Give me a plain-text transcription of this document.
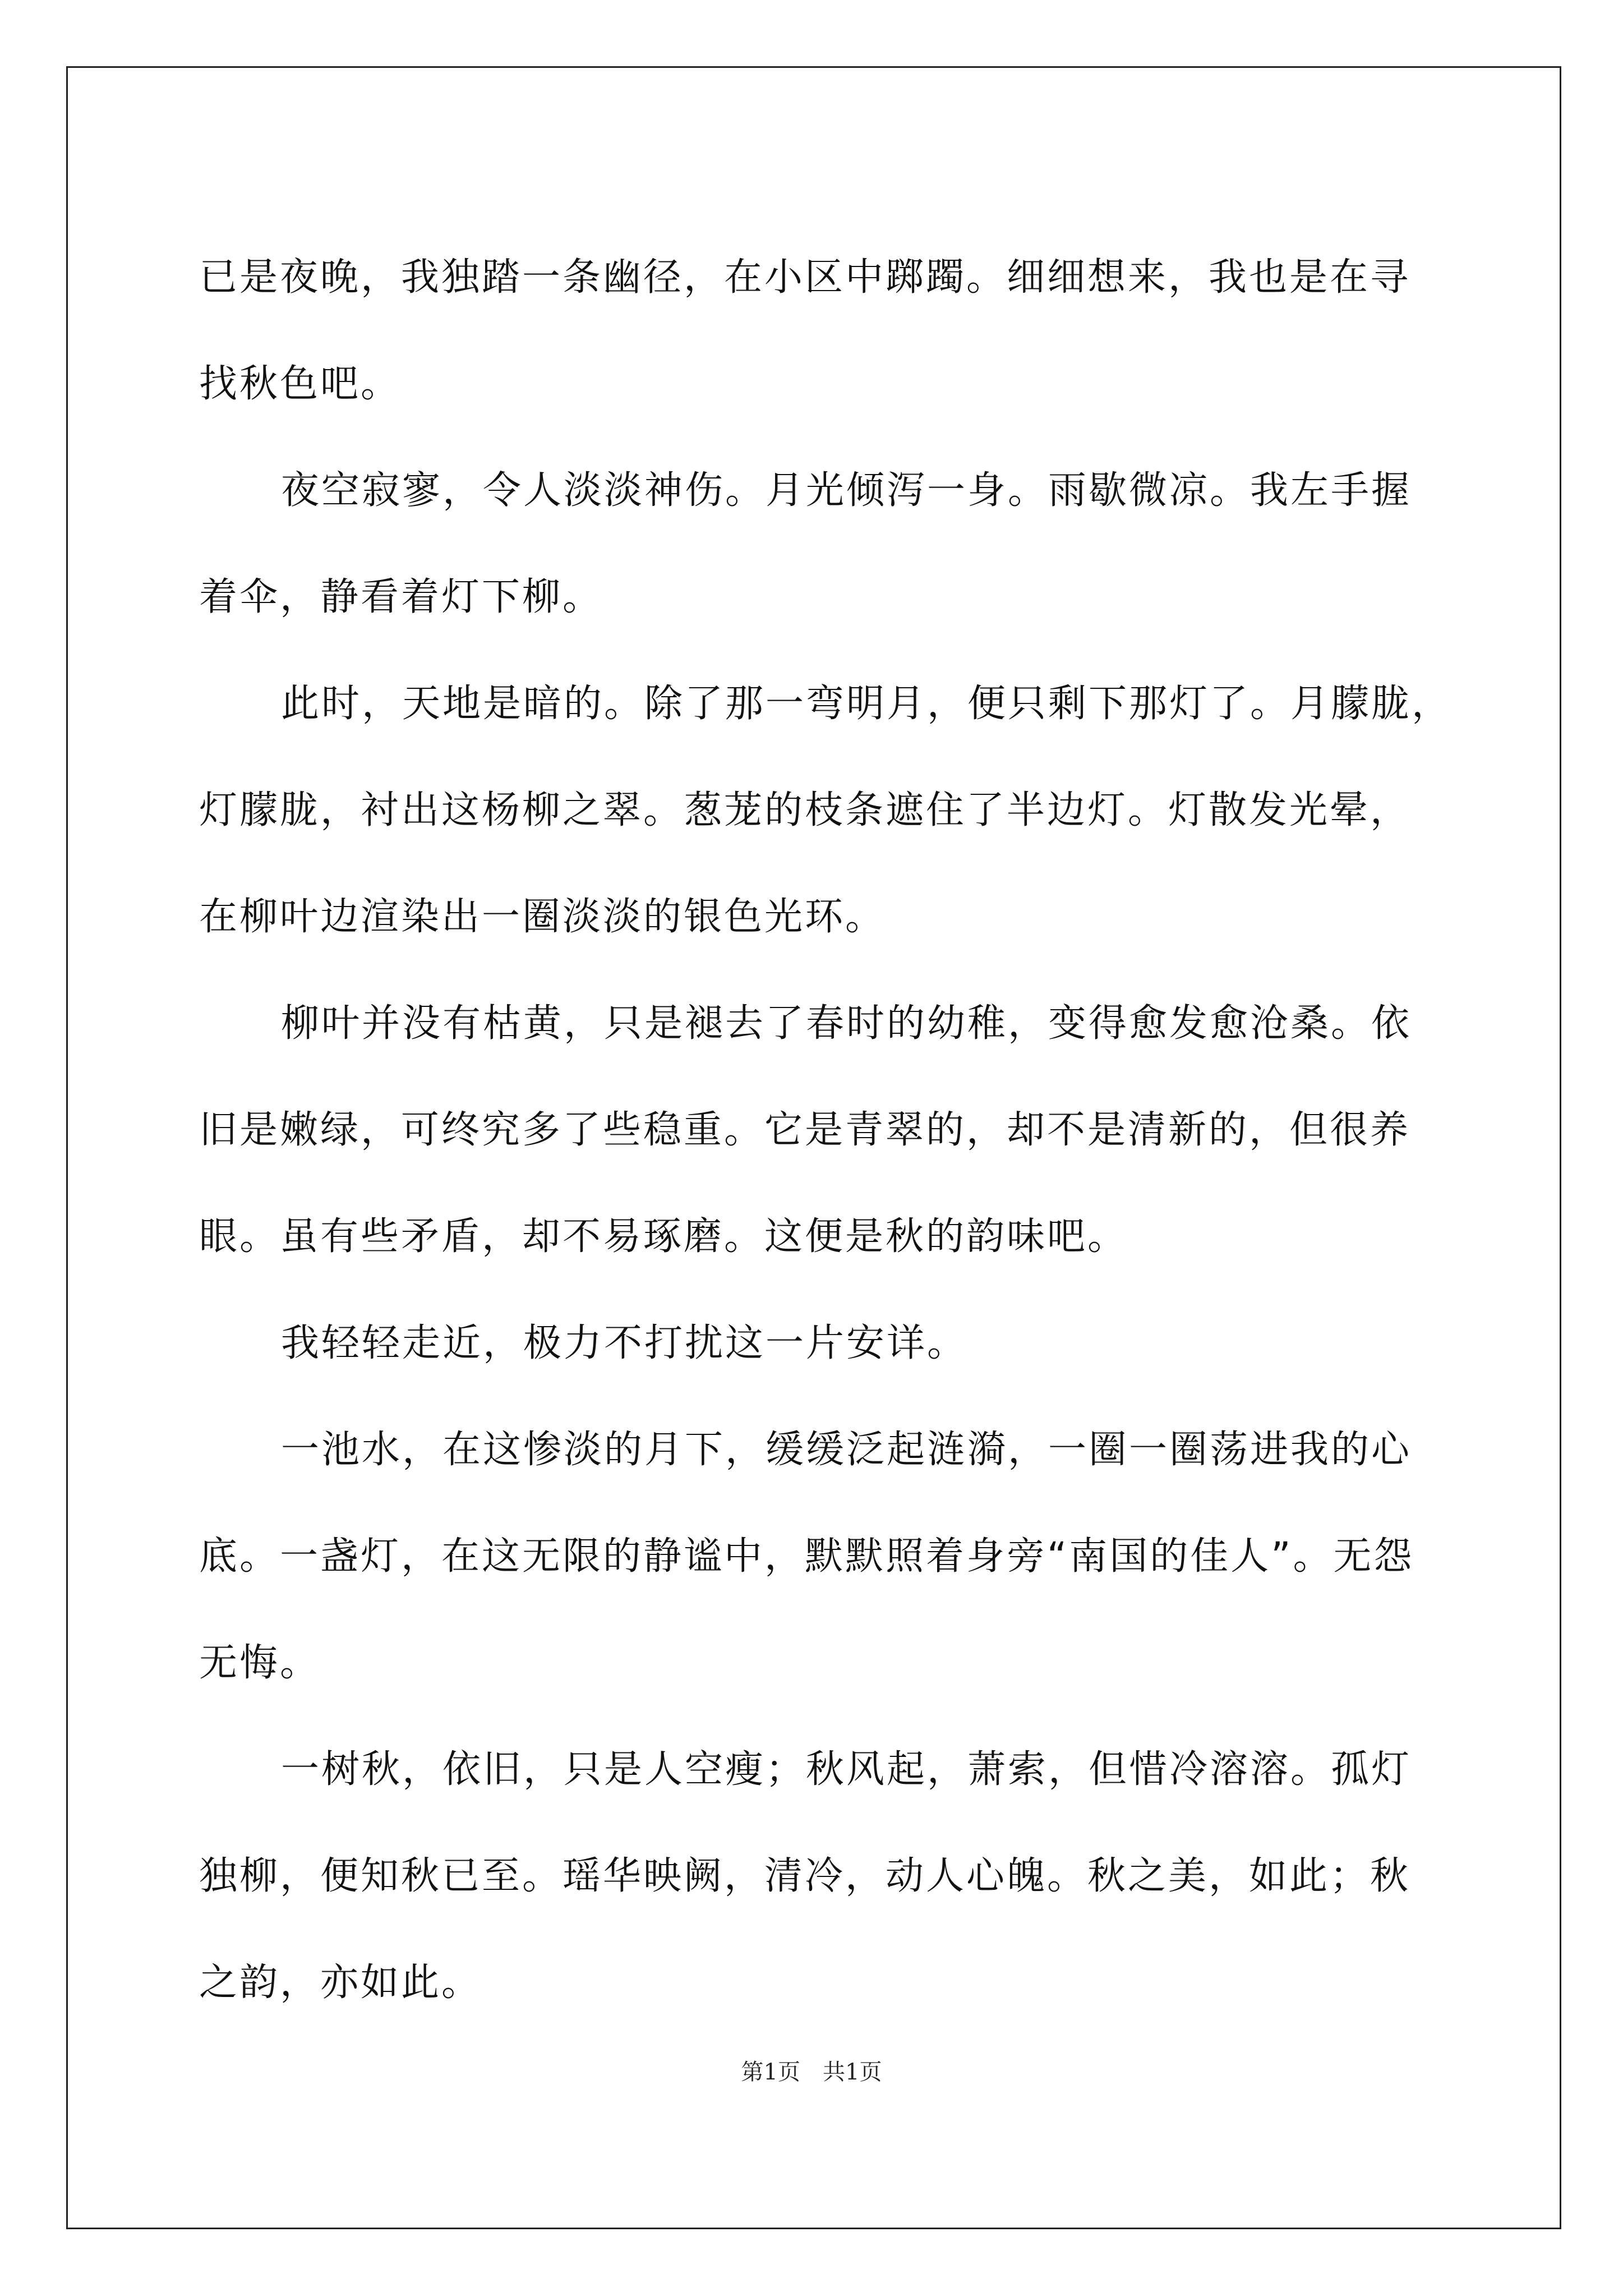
已是夜晚，我独踏一条幽径，在小区中踯躅。细细想来，我也是在寻
找秋色吧。
夜空寂寥，令人淡淡神伤。月光倾泻一身。雨歇微凉。我左手握
着伞，静看着灯下柳。
此时，天地是暗的。除了那一弯明月，便只剩下那灯了。月朦胧，
灯朦胧，衬出这杨柳之翠。葱茏的枝条遮住了半边灯。灯散发光晕，
在柳叶边渲染出一圈淡淡的银色光环。
柳叶并没有枯黄，只是褪去了春时的幼稚，变得愈发愈沧桑。依
旧是嫩绿，可终究多了些稳重。它是青翠的，却不是清新的，但很养
眼。虽有些矛盾，却不易琢磨。这便是秋的韵味吧。
我轻轻走近，极力不打扰这一片安详。
一池水，在这惨淡的月下，缓缓泛起涟漪，一圈一圈荡进我的心
底。一盏灯，在这无限的静谧中，默默照着身旁“南国的佳人”。无怨
无悔。
一树秋，依旧，只是人空瘦；秋风起，萧索，但惜冷溶溶。孤灯
独柳，便知秋已至。瑶华映阙，清冷，动人心魄。秋之美，如此；秋
之韵，亦如此。
第1页　共1页
